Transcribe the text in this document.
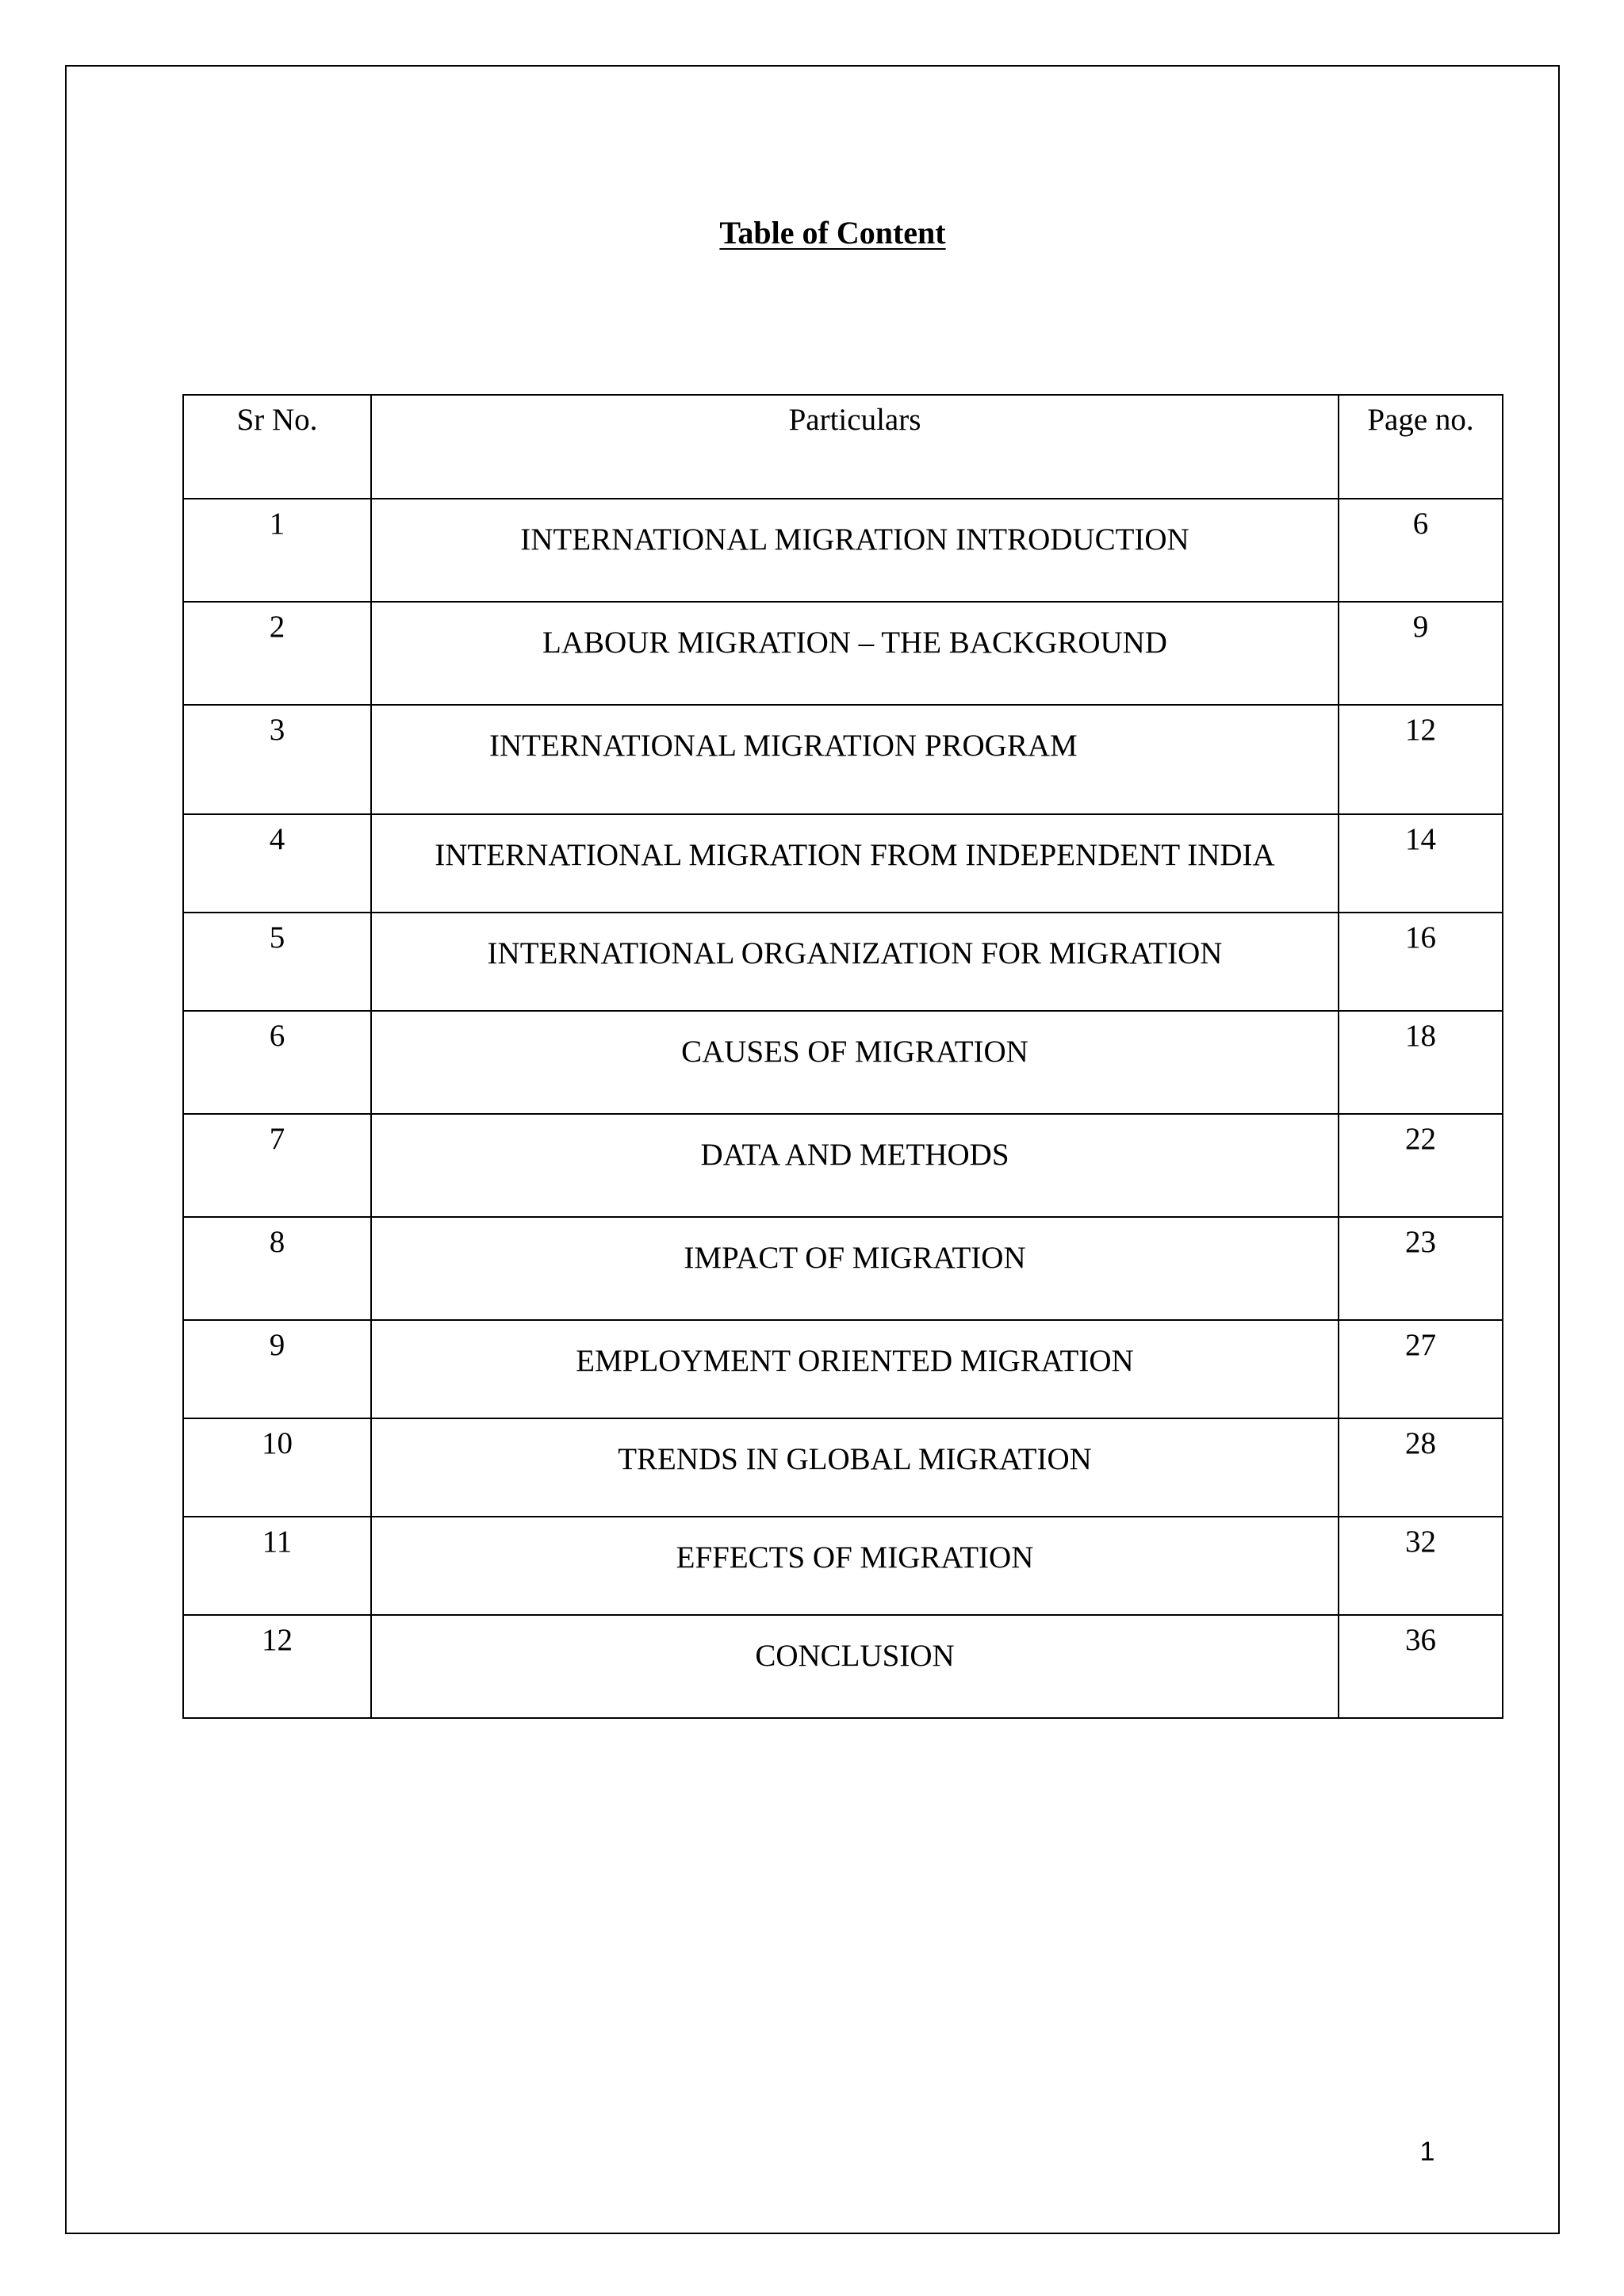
Table of Content
Sr No.	Particulars	Page no.
1	INTERNATIONAL MIGRATION INTRODUCTION	6
2	LABOUR MIGRATION – THE BACKGROUND	9
3	INTERNATIONAL MIGRATION PROGRAM	12
4	INTERNATIONAL MIGRATION FROM INDEPENDENT INDIA	14
5	INTERNATIONAL ORGANIZATION FOR MIGRATION	16
6	CAUSES OF MIGRATION	18
7	DATA AND METHODS	22
8	IMPACT OF MIGRATION	23
9	EMPLOYMENT ORIENTED MIGRATION	27
10	TRENDS IN GLOBAL MIGRATION	28
11	EFFECTS OF MIGRATION	32
12	CONCLUSION	36
1
